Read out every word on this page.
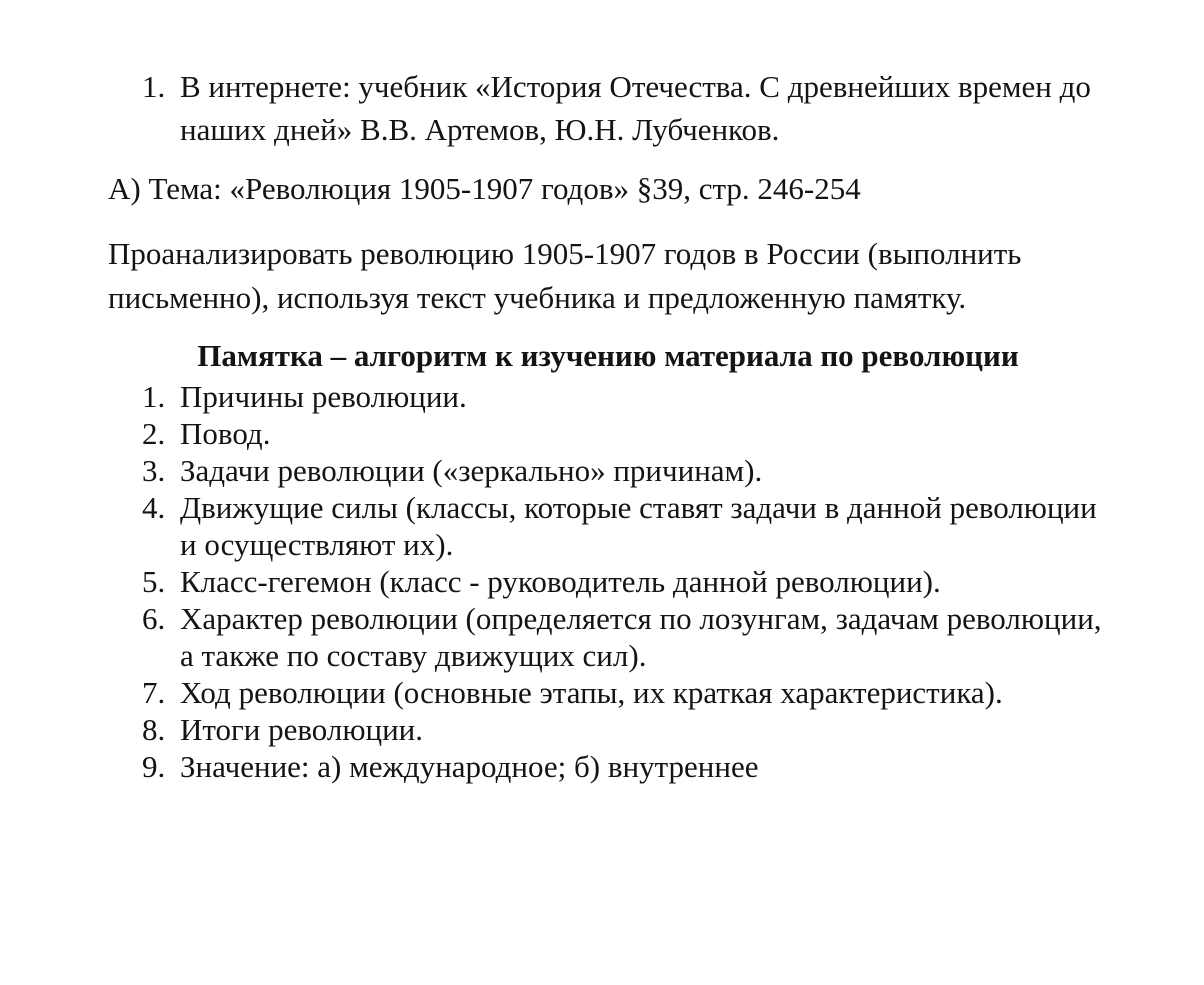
1. В интернете: учебник «История Отечества. С древнейших времен до наших дней» В.В. Артемов, Ю.Н. Лубченков.

А) Тема: «Революция 1905-1907 годов» §39, стр. 246-254

Проанализировать революцию 1905-1907 годов в России (выполнить письменно), используя текст учебника и предложенную памятку.

Памятка – алгоритм к изучению материала по революции
1. Причины революции.
2. Повод.
3. Задачи революции («зеркально» причинам).
4. Движущие силы (классы, которые ставят задачи в данной революции и осуществляют их).
5. Класс-гегемон (класс - руководитель данной революции).
6. Характер революции (определяется по лозунгам, задачам революции, а также по составу движущих сил).
7. Ход революции (основные этапы, их краткая характеристика).
8. Итоги революции.
9. Значение: а) международное; б) внутреннее
